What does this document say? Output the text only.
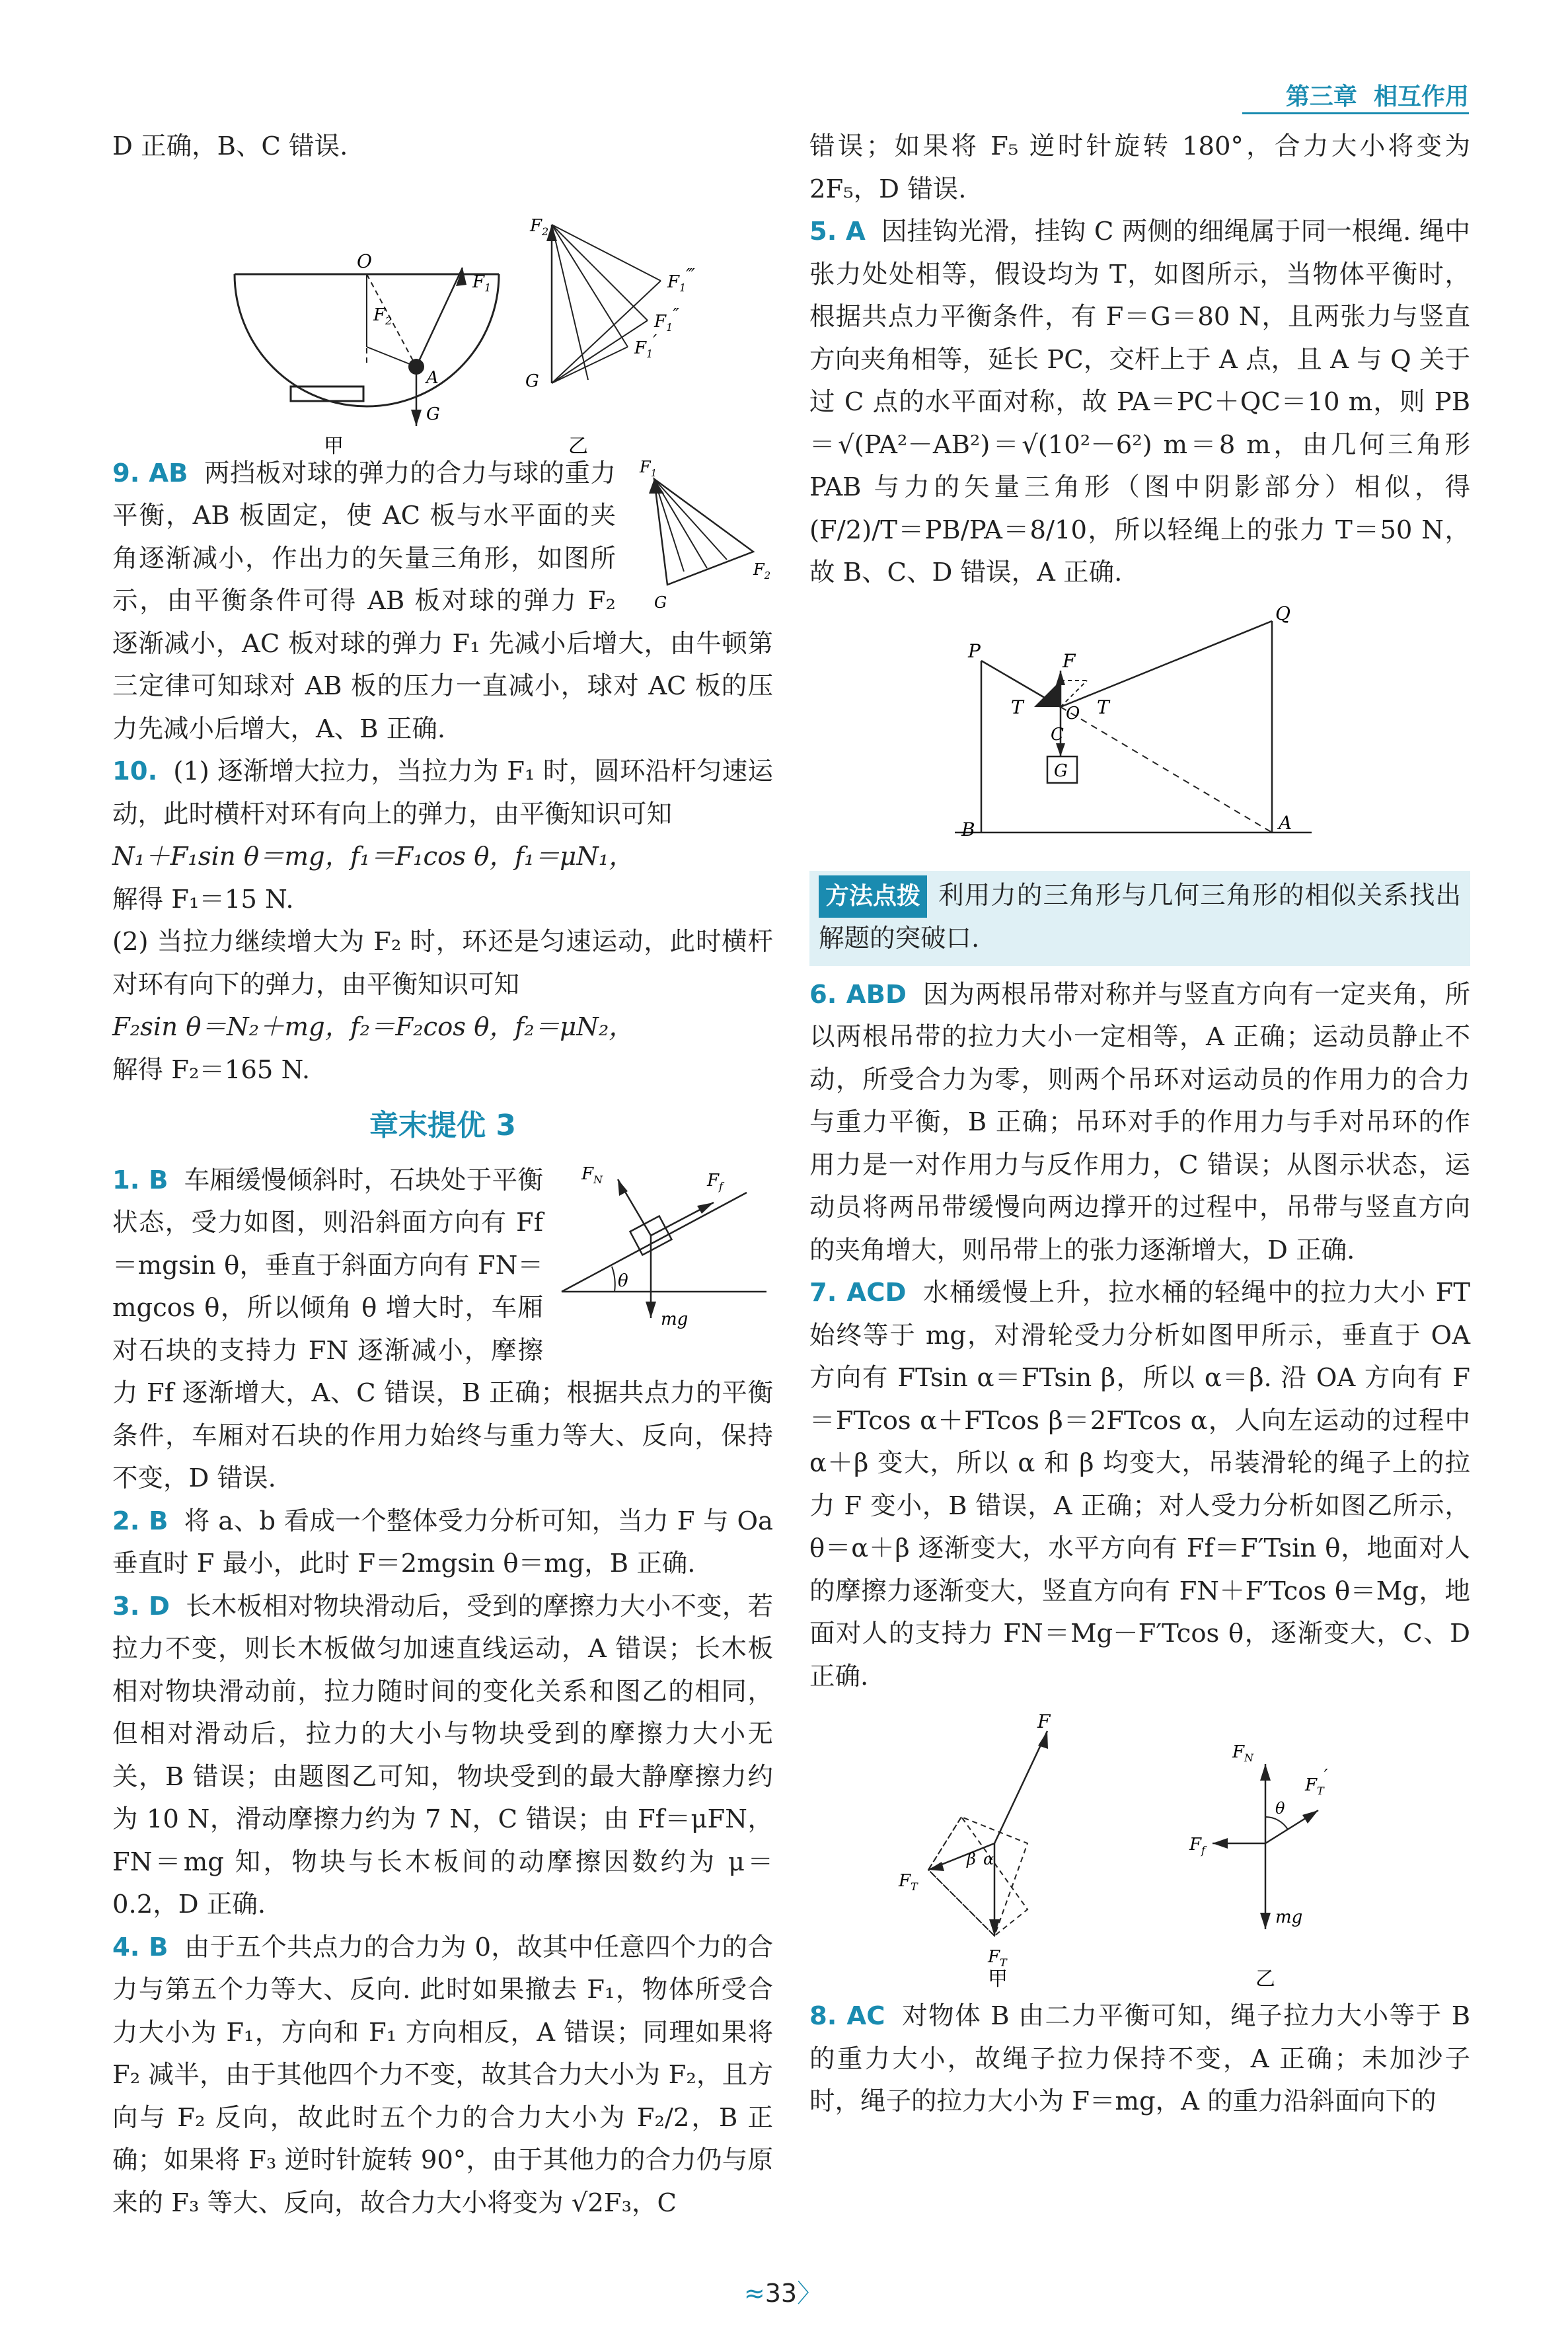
第三章 相互作用

D 正确，B、C 错误.

O
$F_1$
$F_2$
A
G
$F_2$
$F_1‴$
$F_1''$
$F_1'$
G
甲	乙
$F_1$
$F_2$
G

9. AB 两挡板对球的弹力的合力与球的重力平衡，AB 板固定，使 AC 板与水平面的夹角逐渐减小，作出力的矢量三角形，如图所示，由平衡条件可得 AB 板对球的弹力 F₂ 逐渐减小，AC 板对球的弹力 F₁ 先减小后增大，由牛顿第三定律可知球对 AB 板的压力一直减小，球对 AC 板的压力先减小后增大，A、B 正确.

10. (1) 逐渐增大拉力，当拉力为 F₁ 时，圆环沿杆匀速运动，此时横杆对环有向上的弹力，由平衡知识可知

N₁＋F₁sin θ＝mg，f₁＝F₁cos θ，f₁＝μN₁，

解得 F₁＝15 N.

(2) 当拉力继续增大为 F₂ 时，环还是匀速运动，此时横杆对环有向下的弹力，由平衡知识可知

F₂sin θ＝N₂＋mg，f₂＝F₂cos θ，f₂＝μN₂，

解得 F₂＝165 N.

章末提优 3
$F_N$	$F_f$
θ
mg

1. B 车厢缓慢倾斜时，石块处于平衡状态，受力如图，则沿斜面方向有 Ff＝mgsin θ，垂直于斜面方向有 FN＝mgcos θ，所以倾角 θ 增大时，车厢对石块的支持力 FN 逐渐减小，摩擦力 Ff 逐渐增大，A、C 错误，B 正确；根据共点力的平衡条件，车厢对石块的作用力始终与重力等大、反向，保持不变，D 错误.

2. B 将 a、b 看成一个整体受力分析可知，当力 F 与 Oa 垂直时 F 最小，此时 F＝2mgsin θ＝mg，B 正确.

3. D 长木板相对物块滑动后，受到的摩擦力大小不变，若拉力不变，则长木板做匀加速直线运动，A 错误；长木板相对物块滑动前，拉力随时间的变化关系和图乙的相同，但相对滑动后，拉力的大小与物块受到的摩擦力大小无关，B 错误；由题图乙可知，物块受到的最大静摩擦力约为 10 N，滑动摩擦力约为 7 N，C 错误；由 Ff＝μFN，FN＝mg 知，物块与长木板间的动摩擦因数约为 μ＝0.2，D 正确.

4. B 由于五个共点力的合力为 0，故其中任意四个力的合力与第五个力等大、反向. 此时如果撤去 F₁，物体所受合力大小为 F₁，方向和 F₁ 方向相反，A 错误；同理如果将 F₂ 减半，由于其他四个力不变，故其合力大小为 F₂，且方向与 F₂ 反向，故此时五个力的合力大小为 F₂/2，B 正确；如果将 F₃ 逆时针旋转 90°，由于其他力的合力仍与原来的 F₃ 等大、反向，故合力大小将变为 √2F₃，C

错误；如果将 F₅ 逆时针旋转 180°，合力大小将变为 2F₅，D 错误.

5. A 因挂钩光滑，挂钩 C 两侧的细绳属于同一根绳. 绳中张力处处相等，假设均为 T，如图所示，当物体平衡时，根据共点力平衡条件，有 F＝G＝80 N，且两张力与竖直方向夹角相等，延长 PC，交杆上于 A 点，且 A 与 Q 关于过 C 点的水平面对称，故 PA＝PC＋QC＝10 m，则 PB＝√(PA²－AB²)＝√(10²－6²) m＝8 m，由几何三角形 PAB 与力的矢量三角形（图中阴影部分）相似，得 (F/2)/T＝PB/PA＝8/10，所以轻绳上的张力 T＝50 N，故 B、C、D 错误，A 正确.

P
Q
F
T	T
O
C
G
B	A

方法点拨 利用力的三角形与几何三角形的相似关系找出解题的突破口.

6. ABD 因为两根吊带对称并与竖直方向有一定夹角，所以两根吊带的拉力大小一定相等，A 正确；运动员静止不动，所受合力为零，则两个吊环对运动员的作用力的合力与重力平衡，B 正确；吊环对手的作用力与手对吊环的作用力是一对作用力与反作用力，C 错误；从图示状态，运动员将两吊带缓慢向两边撑开的过程中，吊带与竖直方向的夹角增大，则吊带上的张力逐渐增大，D 正确.

7. ACD 水桶缓慢上升，拉水桶的轻绳中的拉力大小 FT 始终等于 mg，对滑轮受力分析如图甲所示，垂直于 OA 方向有 FTsin α＝FTsin β，所以 α＝β. 沿 OA 方向有 F＝FTcos α＋FTcos β＝2FTcos α，人向左运动的过程中 α＋β 变大，所以 α 和 β 均变大，吊装滑轮的绳子上的拉力 F 变小，B 错误，A 正确；对人受力分析如图乙所示，θ＝α＋β 逐渐变大，水平方向有 Ff＝F′Tsin θ，地面对人的摩擦力逐渐变大，竖直方向有 FN＋F′Tcos θ＝Mg，地面对人的支持力 FN＝Mg－F′Tcos θ，逐渐变大，C、D 正确.

F
$F_T$
$F_T$
β α
$F_N$
$F_T'$
θ
$F_f$
mg
甲	乙

8. AC 对物体 B 由二力平衡可知，绳子拉力大小等于 B 的重力大小，故绳子拉力保持不变，A 正确；未加沙子时，绳子的拉力大小为 F＝mg，A 的重力沿斜面向下的

≈33〉
